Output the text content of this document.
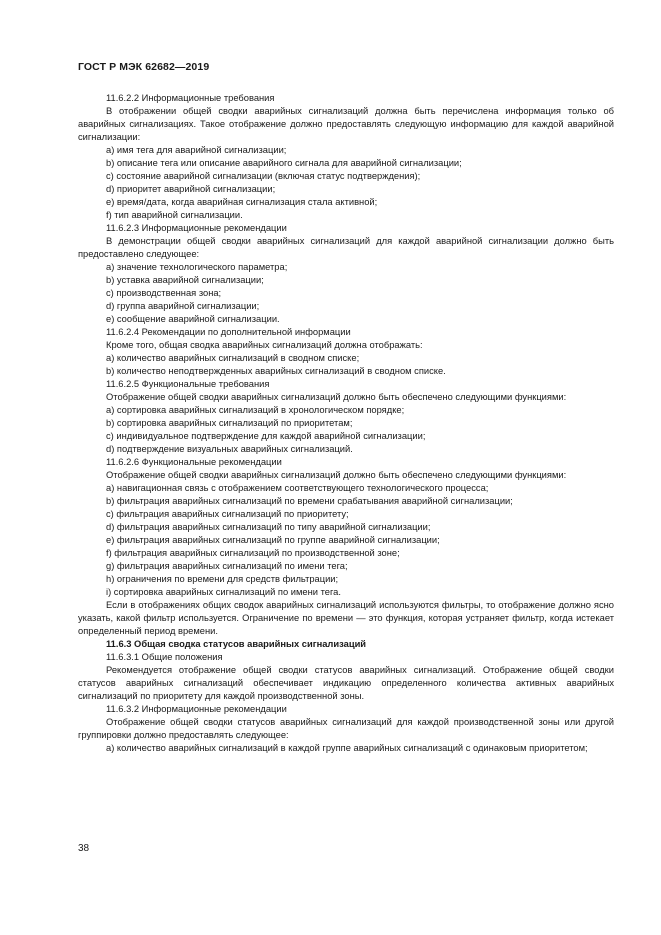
ГОСТ Р МЭК 62682—2019

11.6.2.2 Информационные требования

В отображении общей сводки аварийных сигнализаций должна быть перечислена информация только об аварийных сигнализациях. Такое отображение должно предоставлять следующую информацию для каждой аварийной сигнализации:

a) имя тега для аварийной сигнализации;

b) описание тега или описание аварийного сигнала для аварийной сигнализации;

c) состояние аварийной сигнализации (включая статус подтверждения);

d) приоритет аварийной сигнализации;

e) время/дата, когда аварийная сигнализация стала активной;

f) тип аварийной сигнализации.

11.6.2.3 Информационные рекомендации

В демонстрации общей сводки аварийных сигнализаций для каждой аварийной сигнализации должно быть предоставлено следующее:

a) значение технологического параметра;

b) уставка аварийной сигнализации;

c) производственная зона;

d) группа аварийной сигнализации;

e) сообщение аварийной сигнализации.

11.6.2.4 Рекомендации по дополнительной информации

Кроме того, общая сводка аварийных сигнализаций должна отображать:

a) количество аварийных сигнализаций в сводном списке;

b) количество неподтвержденных аварийных сигнализаций в сводном списке.

11.6.2.5 Функциональные требования

Отображение общей сводки аварийных сигнализаций должно быть обеспечено следующими функциями:

a) сортировка аварийных сигнализаций в хронологическом порядке;

b) сортировка аварийных сигнализаций по приоритетам;

c) индивидуальное подтверждение для каждой аварийной сигнализации;

d) подтверждение визуальных аварийных сигнализаций.

11.6.2.6 Функциональные рекомендации

Отображение общей сводки аварийных сигнализаций должно быть обеспечено следующими функциями:

a) навигационная связь с отображением соответствующего технологического процесса;

b) фильтрация аварийных сигнализаций по времени срабатывания аварийной сигнализации;

c) фильтрация аварийных сигнализаций по приоритету;

d) фильтрация аварийных сигнализаций по типу аварийной сигнализации;

e) фильтрация аварийных сигнализаций по группе аварийной сигнализации;

f) фильтрация аварийных сигнализаций по производственной зоне;

g) фильтрация аварийных сигнализаций по имени тега;

h) ограничения по времени для средств фильтрации;

i) сортировка аварийных сигнализаций по имени тега.

Если в отображениях общих сводок аварийных сигнализаций используются фильтры, то отображение должно ясно указать, какой фильтр используется. Ограничение по времени — это функция, которая устраняет фильтр, когда истекает определенный период времени.

11.6.3 Общая сводка статусов аварийных сигнализаций

11.6.3.1 Общие положения

Рекомендуется отображение общей сводки статусов аварийных сигнализаций. Отображение общей сводки статусов аварийных сигнализаций обеспечивает индикацию определенного количества активных аварийных сигнализаций по приоритету для каждой производственной зоны.

11.6.3.2 Информационные рекомендации

Отображение общей сводки статусов аварийных сигнализаций для каждой производственной зоны или другой группировки должно предоставлять следующее:

a) количество аварийных сигнализаций в каждой группе аварийных сигнализаций с одинаковым приоритетом;

38
